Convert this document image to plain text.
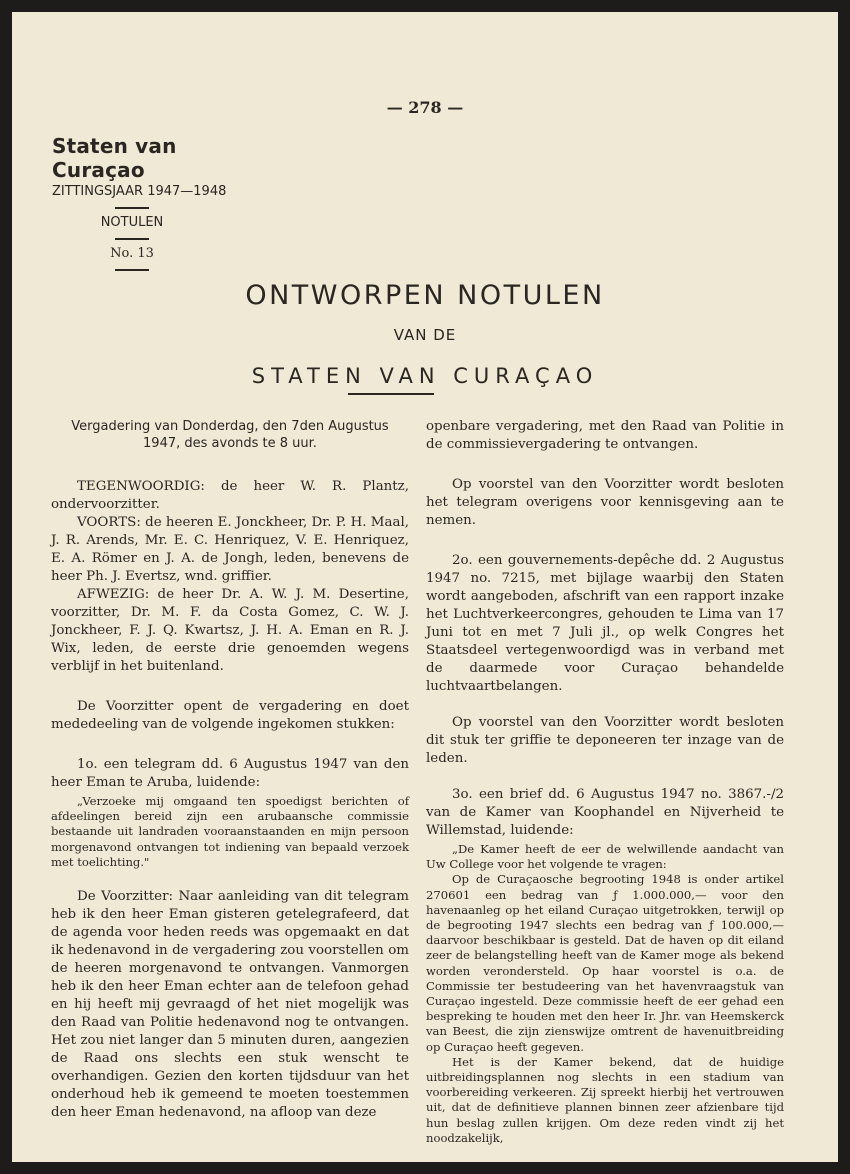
— 278 —
Staten van Curaçao
ZITTINGSJAAR 1947—1948
NOTULEN
No. 13
ONTWORPEN NOTULEN
VAN DE
STATEN VAN CURAÇAO

Vergadering van Donderdag, den 7den Augustus 1947, des avonds te 8 uur.

TEGENWOORDIG: de heer W. R. Plantz, ondervoorzitter.

VOORTS: de heeren E. Jonckheer, Dr. P. H. Maal, J. R. Arends, Mr. E. C. Henriquez, V. E. Henriquez, E. A. Römer en J. A. de Jongh, leden, benevens de heer Ph. J. Evertsz, wnd. griffier.

AFWEZIG: de heer Dr. A. W. J. M. Desertine, voorzitter, Dr. M. F. da Costa Gomez, C. W. J. Jonckheer, F. J. Q. Kwartsz, J. H. A. Eman en R. J. Wix, leden, de eerste drie genoemden wegens verblijf in het buitenland.

De Voorzitter opent de vergadering en doet mededeeling van de volgende ingekomen stukken:

1o. een telegram dd. 6 Augustus 1947 van den heer Eman te Aruba, luidende:

„Verzoeke mij omgaand ten spoedigst berichten of afdeelingen bereid zijn een arubaansche commissie bestaande uit landraden vooraanstaanden en mijn persoon morgenavond ontvangen tot indiening van bepaald verzoek met toelichting."

De Voorzitter: Naar aanleiding van dit telegram heb ik den heer Eman gisteren getelegrafeerd, dat de agenda voor heden reeds was opgemaakt en dat ik hedenavond in de vergadering zou voorstellen om de heeren morgenavond te ontvangen. Vanmorgen heb ik den heer Eman echter aan de telefoon gehad en hij heeft mij gevraagd of het niet mogelijk was den Raad van Politie hedenavond nog te ontvangen. Het zou niet langer dan 5 minuten duren, aangezien de Raad ons slechts een stuk wenscht te overhandigen. Gezien den korten tijdsduur van het onderhoud heb ik gemeend te moeten toestemmen den heer Eman hedenavond, na afloop van deze

openbare vergadering, met den Raad van Politie in de commissievergadering te ontvangen.

Op voorstel van den Voorzitter wordt besloten het telegram overigens voor kennisgeving aan te nemen.

2o. een gouvernements-depêche dd. 2 Augustus 1947 no. 7215, met bijlage waarbij den Staten wordt aangeboden, afschrift van een rapport inzake het Luchtverkeercongres, gehouden te Lima van 17 Juni tot en met 7 Juli jl., op welk Congres het Staatsdeel vertegenwoordigd was in verband met de daarmede voor Curaçao behandelde luchtvaartbelangen.

Op voorstel van den Voorzitter wordt besloten dit stuk ter griffie te deponeeren ter inzage van de leden.

3o. een brief dd. 6 Augustus 1947 no. 3867.-/2 van de Kamer van Koophandel en Nijverheid te Willemstad, luidende:

„De Kamer heeft de eer de welwillende aandacht van Uw College voor het volgende te vragen:

Op de Curaçaosche begrooting 1948 is onder artikel 270601 een bedrag van ƒ 1.000.000,— voor den havenaanleg op het eiland Curaçao uitgetrokken, terwijl op de begrooting 1947 slechts een bedrag van ƒ 100.000,— daarvoor beschikbaar is gesteld. Dat de haven op dit eiland zeer de belangstelling heeft van de Kamer moge als bekend worden verondersteld. Op haar voorstel is o.a. de Commissie ter bestudeering van het havenvraagstuk van Curaçao ingesteld. Deze commissie heeft de eer gehad een bespreking te houden met den heer Ir. Jhr. van Heemskerck van Beest, die zijn zienswijze omtrent de havenuitbreiding op Curaçao heeft gegeven.

Het is der Kamer bekend, dat de huidige uitbreidingsplannen nog slechts in een stadium van voorbereiding verkeeren. Zij spreekt hierbij het vertrouwen uit, dat de definitieve plannen binnen zeer afzienbare tijd hun beslag zullen krijgen. Om deze reden vindt zij het noodzakelijk,
